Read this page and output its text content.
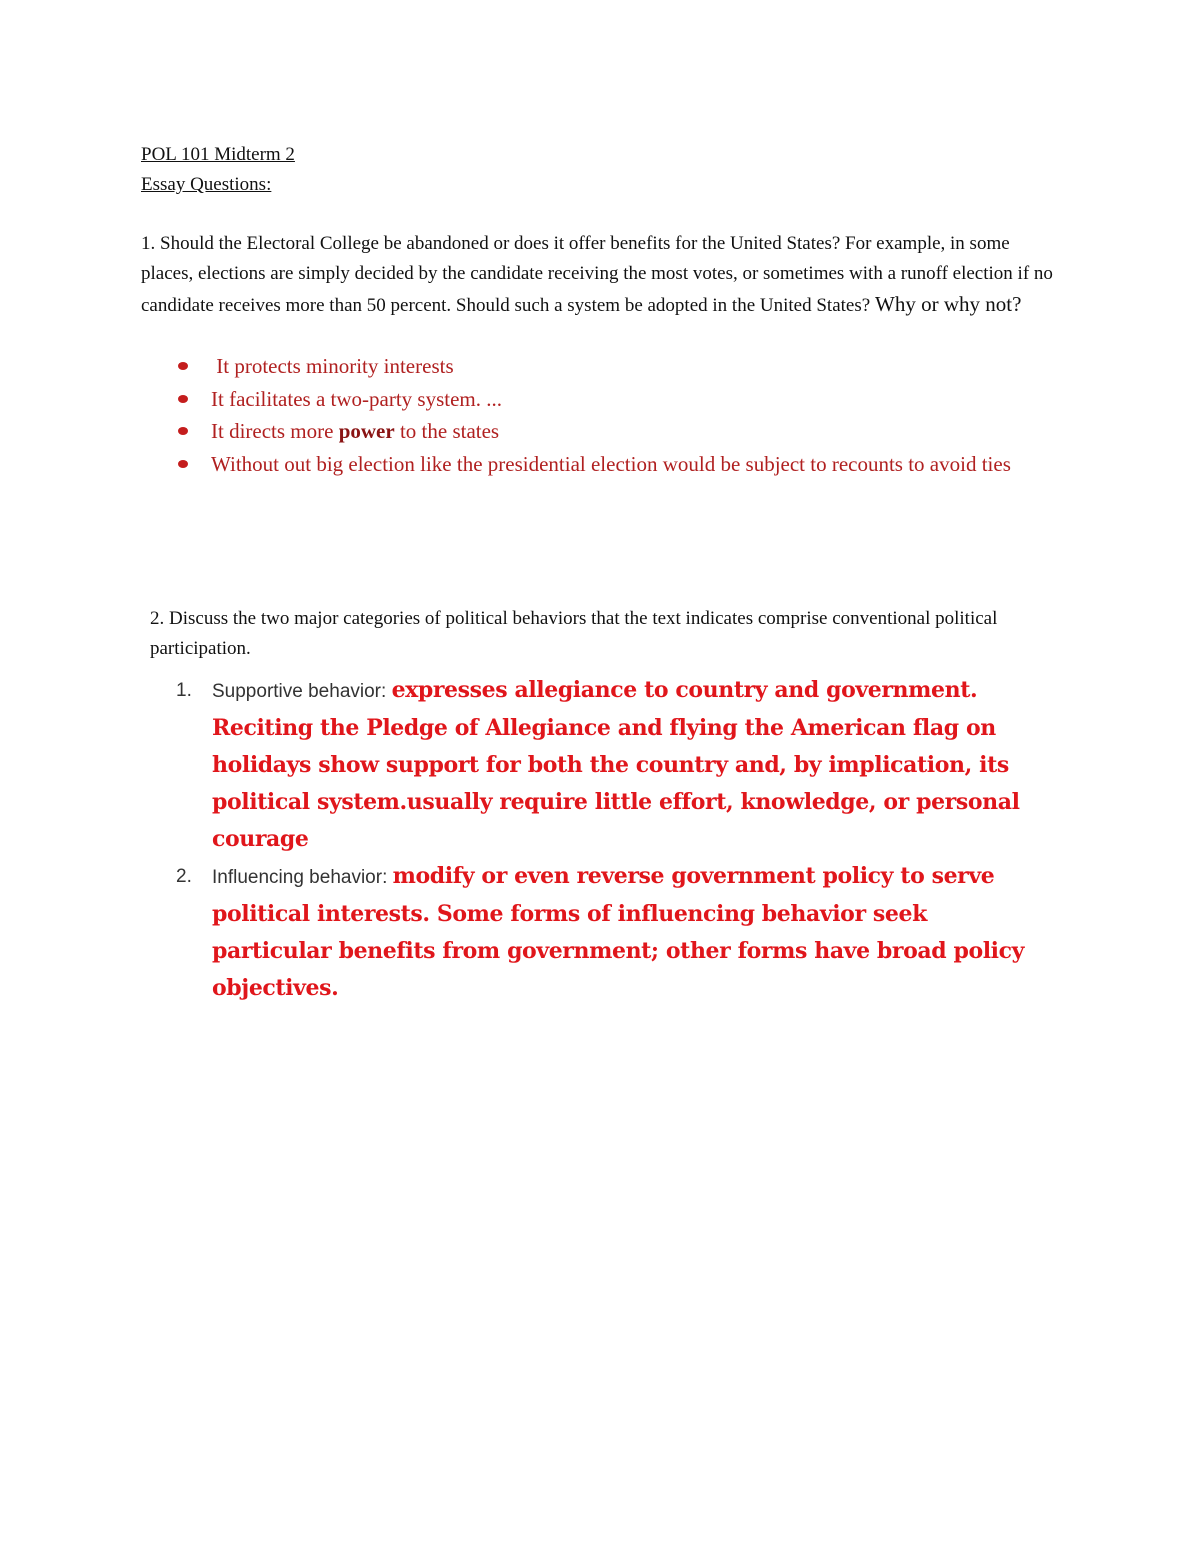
POL 101 Midterm 2
Essay Questions:
1. Should the Electoral College be abandoned or does it offer benefits for the United States? For example, in some places, elections are simply decided by the candidate receiving the most votes, or sometimes with a runoff election if no candidate receives more than 50 percent. Should such a system be adopted in the United States? Why or why not?
It protects minority interests
It facilitates a two-party system. ...
It directs more power to the states
Without out big election like the presidential election would be subject to recounts to avoid ties
2. Discuss the two major categories of political behaviors that the text indicates comprise conventional political participation.
1. Supportive behavior: expresses allegiance to country and government. Reciting the Pledge of Allegiance and flying the American flag on holidays show support for both the country and, by implication, its political system.usually require little effort, knowledge, or personal courage
2. Influencing behavior: modify or even reverse government policy to serve political interests. Some forms of influencing behavior seek particular benefits from government; other forms have broad policy objectives.
